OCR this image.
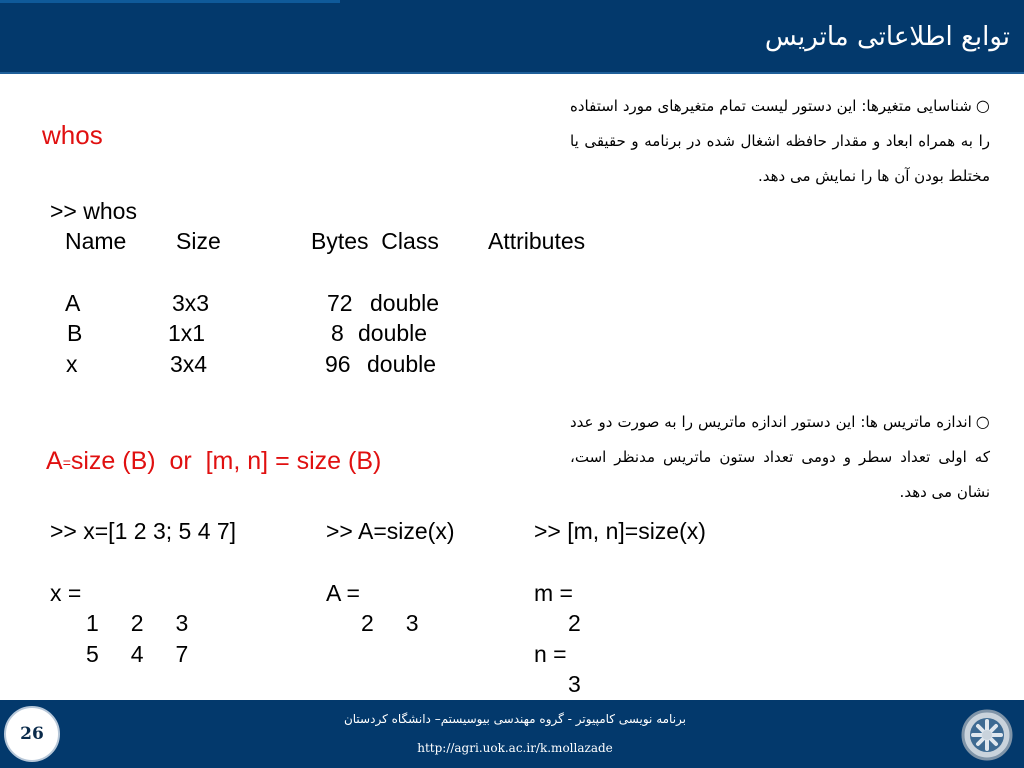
توابع اطلاعاتی ماتریس
whos
○شناسایی متغیرها: این دستور لیست تمام متغیرهای مورد استفاده را به همراه ابعاد و مقدار حافظه اشغال شده در برنامه و حقیقی یا مختلط بودن آن ها را نمایش می دهد.
>> whos
Name Size	Bytes  Class Attributes
A	3x3	72 double
B	1x1	8 double
x	3x4	96 double
○اندازه ماتریس ها: این دستور اندازه ماتریس را به صورت دو عدد که اولی تعداد سطر و دومی تعداد ستون ماتریس مدنظر است، نشان می دهد.
A=size (B)  or  [m, n] = size (B)
>> x=[1 2 3; 5 4 7]
x =
1     2     3
5     4     7
>> A=size(x)
A =
2     3
>> [m, n]=size(x)
m =
2
n =
3
26
برنامه نویسی کامپیوتر - گروه مهندسی بیوسیستم– دانشگاه کردستان
http://agri.uok.ac.ir/k.mollazade
